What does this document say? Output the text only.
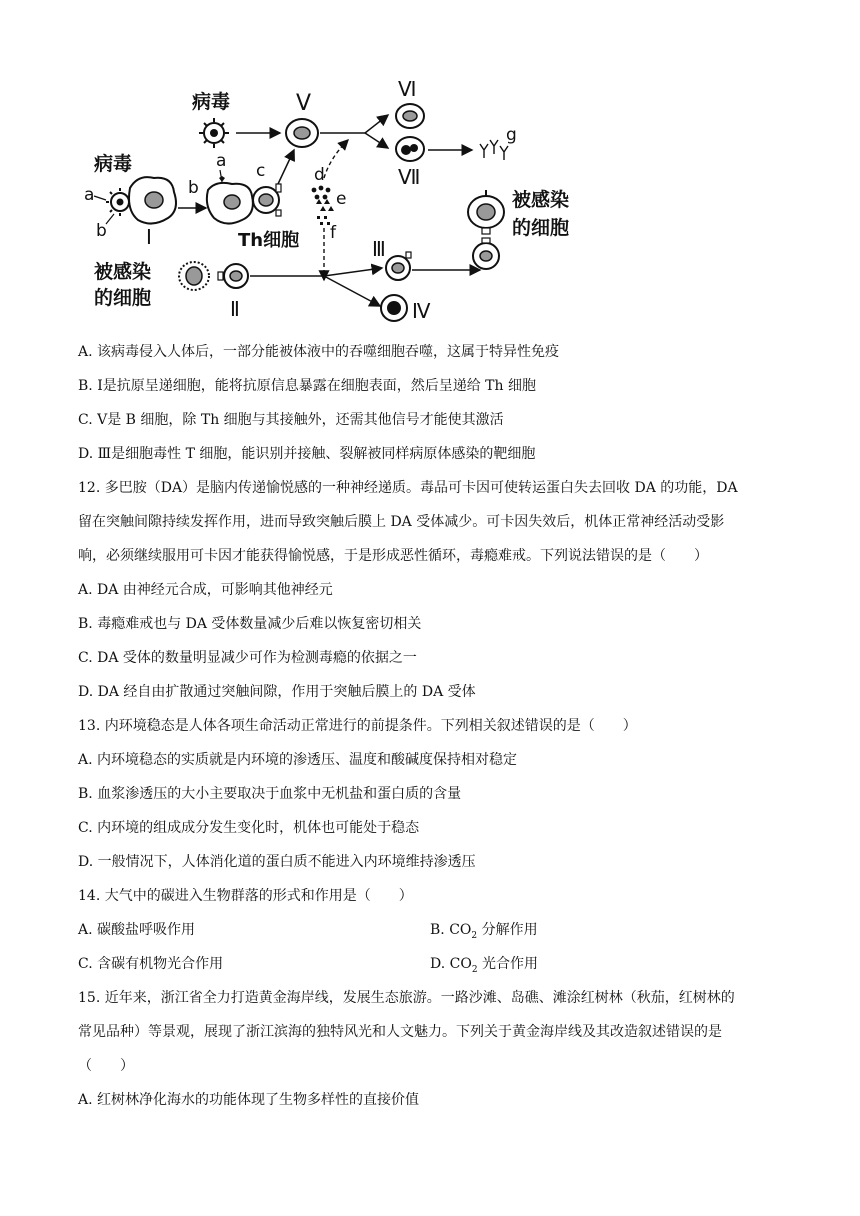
病毒	Ⅴ
Ⅵ
Ⅶ
g
病毒
a
b Ⅰ
a
b
c
Th细胞
d
e
f
被感染
的细胞	Ⅱ
Ⅲ
Ⅳ
被感染
的细胞
A. 该病毒侵入人体后，一部分能被体液中的吞噬细胞吞噬，这属于特异性免疫
B. Ⅰ是抗原呈递细胞，能将抗原信息暴露在细胞表面，然后呈递给 Th 细胞
C. Ⅴ是 B 细胞，除 Th 细胞与其接触外，还需其他信号才能使其激活
D. Ⅲ是细胞毒性 T 细胞，能识别并接触、裂解被同样病原体感染的靶细胞
12. 多巴胺（DA）是脑内传递愉悦感的一种神经递质。毒品可卡因可使转运蛋白失去回收 DA 的功能，DA
留在突触间隙持续发挥作用，进而导致突触后膜上 DA 受体减少。可卡因失效后，机体正常神经活动受影
响，必须继续服用可卡因才能获得愉悦感，于是形成恶性循环，毒瘾难戒。下列说法错误的是（　　）
A. DA 由神经元合成，可影响其他神经元
B. 毒瘾难戒也与 DA 受体数量减少后难以恢复密切相关
C. DA 受体的数量明显减少可作为检测毒瘾的依据之一
D. DA 经自由扩散通过突触间隙，作用于突触后膜上的 DA 受体
13. 内环境稳态是人体各项生命活动正常进行的前提条件。下列相关叙述错误的是（　　）
A. 内环境稳态的实质就是内环境的渗透压、温度和酸碱度保持相对稳定
B. 血浆渗透压的大小主要取决于血浆中无机盐和蛋白质的含量
C. 内环境的组成成分发生变化时，机体也可能处于稳态
D. 一般情况下，人体消化道的蛋白质不能进入内环境维持渗透压
14. 大气中的碳进入生物群落的形式和作用是（　　）
A. 碳酸盐呼吸作用	B. $CO_2$ 分解作用
C. 含碳有机物光合作用	D. $CO_2$ 光合作用
15. 近年来，浙江省全力打造黄金海岸线，发展生态旅游。一路沙滩、岛礁、滩涂红树林（秋茄，红树林的
常见品种）等景观，展现了浙江滨海的独特风光和人文魅力。下列关于黄金海岸线及其改造叙述错误的是
（　　）
A. 红树林净化海水的功能体现了生物多样性的直接价值
